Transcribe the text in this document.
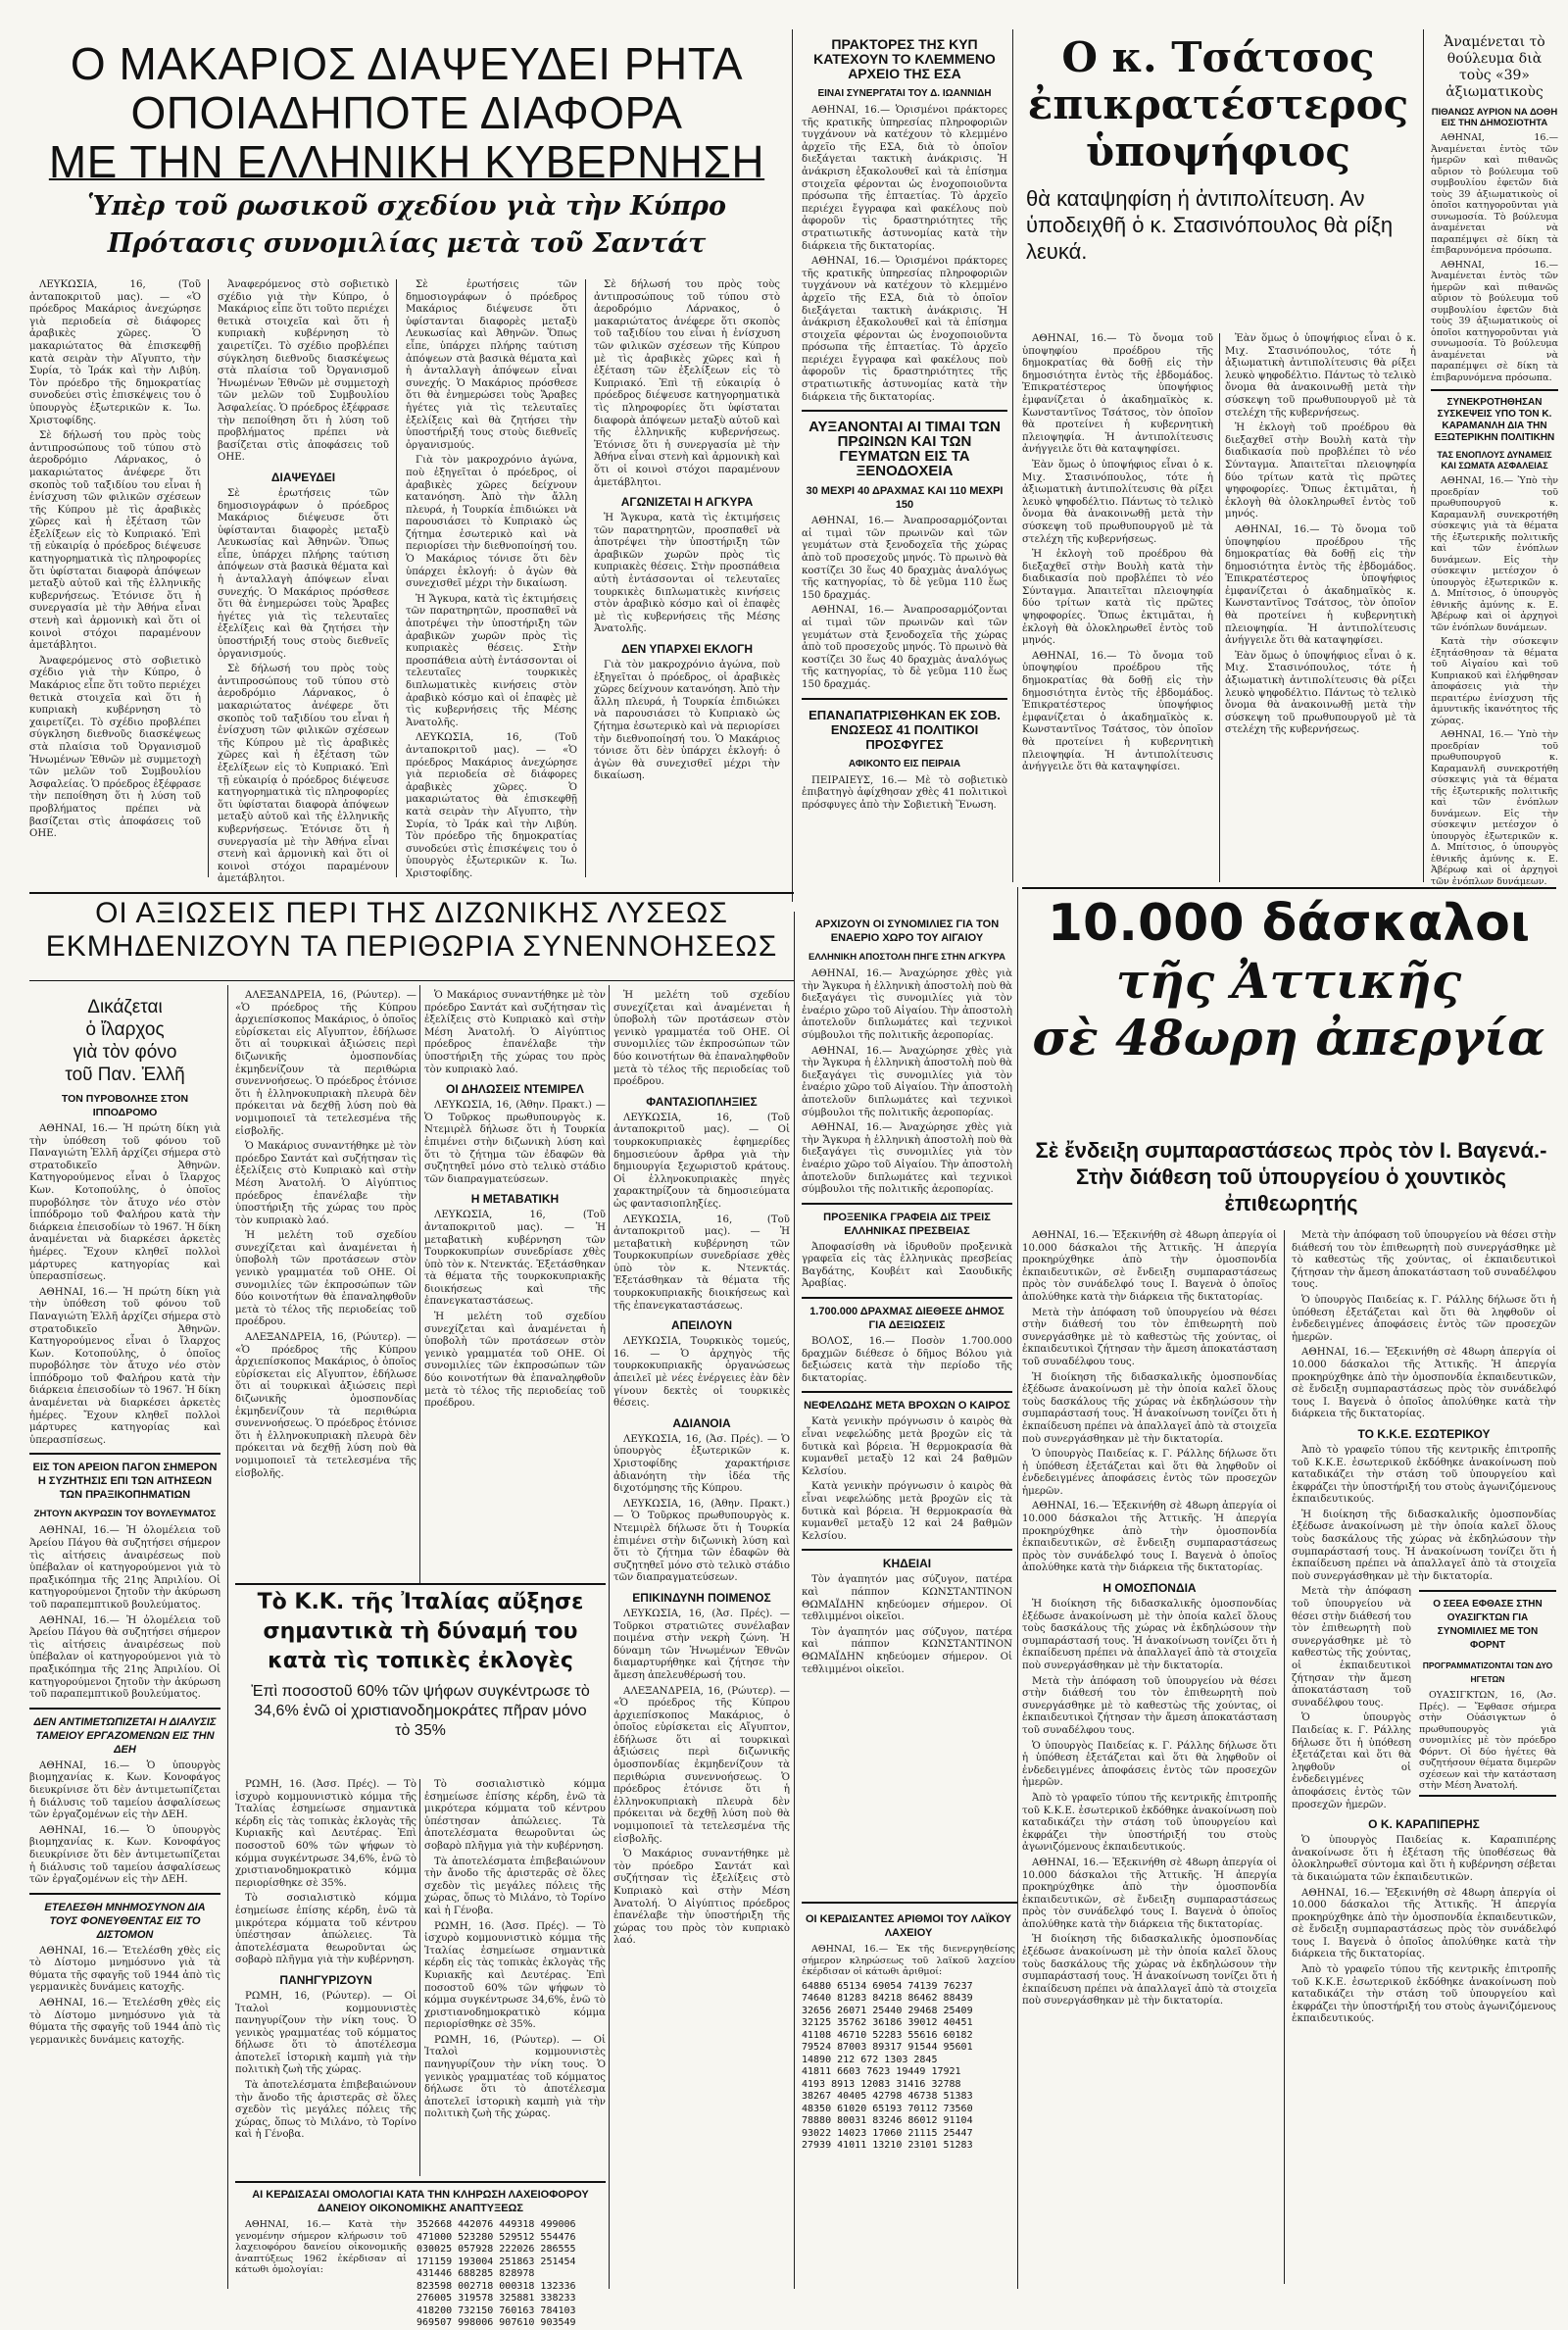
Ο ΜΑΚΑΡΙΟΣ ΔΙΑΨΕΥΔΕΙ ΡΗΤΑ
ΟΠΟΙΑΔΗΠΟΤΕ ΔΙΑΦΟΡΑ
ΜΕ ΤΗΝ ΕΛΛΗΝΙΚΗ ΚΥΒΕΡΝΗΣΗ

Ὑπὲρ τοῦ ρωσικοῦ σχεδίου γιὰ τὴν Κύπρο

Πρότασις συνομιλίας μετὰ τοῦ Σαντάτ

ΛΕΥΚΩΣΙΑ, 16, (Τοῦ ἀνταποκριτοῦ μας). — «Ὁ πρόεδρος Μακάριος ἀνεχώρησε γιὰ περιοδεία σὲ διάφορες ἀραβικὲς χῶρες. Ὁ μακαριώτατος θὰ ἐπισκεφθῇ κατὰ σειρὰν τὴν Αἴγυπτο, τὴν Συρία, τὸ Ἰράκ καὶ τὴν Λιβύη. Τὸν πρόεδρο τῆς δημοκρατίας συνοδεύει στὶς ἐπισκέψεις του ὁ ὑπουργὸς ἐξωτερικῶν κ. Ἰω. Χριστοφίδης.

Σὲ δήλωσή του πρὸς τοὺς ἀντιπροσώπους τοῦ τύπου στὸ ἀεροδρόμιο Λάρνακος, ὁ μακαριώτατος ἀνέφερε ὅτι σκοπὸς τοῦ ταξιδίου του εἶναι ἡ ἐνίσχυση τῶν φιλικῶν σχέσεων τῆς Κύπρου μὲ τὶς ἀραβικὲς χῶρες καὶ ἡ ἐξέταση τῶν ἐξελίξεων εἰς τὸ Κυπριακό. Ἐπὶ τῇ εὐκαιρίᾳ ὁ πρόεδρος διέψευσε κατηγορηματικὰ τὶς πληροφορίες ὅτι ὑφίσταται διαφορὰ ἀπόψεων μεταξὺ αὐτοῦ καὶ τῆς ἑλληνικῆς κυβερνήσεως. Ἐτόνισε ὅτι ἡ συνεργασία μὲ τὴν Ἀθήνα εἶναι στενὴ καὶ ἀρμονικὴ καὶ ὅτι οἱ κοινοὶ στόχοι παραμένουν ἀμετάβλητοι.

Ἀναφερόμενος στὸ σοβιετικὸ σχέδιο γιὰ τὴν Κύπρο, ὁ Μακάριος εἶπε ὅτι τοῦτο περιέχει θετικὰ στοιχεῖα καὶ ὅτι ἡ κυπριακὴ κυβέρνηση τὸ χαιρετίζει. Τὸ σχέδιο προβλέπει σύγκληση διεθνοῦς διασκέψεως στὰ πλαίσια τοῦ Ὀργανισμοῦ Ἡνωμένων Ἐθνῶν μὲ συμμετοχὴ τῶν μελῶν τοῦ Συμβουλίου Ἀσφαλείας. Ὁ πρόεδρος ἐξέφρασε τὴν πεποίθηση ὅτι ἡ λύση τοῦ προβλήματος πρέπει νὰ βασίζεται στὶς ἀποφάσεις τοῦ ΟΗΕ.

Ἀναφερόμενος στὸ σοβιετικὸ σχέδιο γιὰ τὴν Κύπρο, ὁ Μακάριος εἶπε ὅτι τοῦτο περιέχει θετικὰ στοιχεῖα καὶ ὅτι ἡ κυπριακὴ κυβέρνηση τὸ χαιρετίζει. Τὸ σχέδιο προβλέπει σύγκληση διεθνοῦς διασκέψεως στὰ πλαίσια τοῦ Ὀργανισμοῦ Ἡνωμένων Ἐθνῶν μὲ συμμετοχὴ τῶν μελῶν τοῦ Συμβουλίου Ἀσφαλείας. Ὁ πρόεδρος ἐξέφρασε τὴν πεποίθηση ὅτι ἡ λύση τοῦ προβλήματος πρέπει νὰ βασίζεται στὶς ἀποφάσεις τοῦ ΟΗΕ.

ΔΙΑΨΕΥΔΕΙ

Σὲ ἐρωτήσεις τῶν δημοσιογράφων ὁ πρόεδρος Μακάριος διέψευσε ὅτι ὑφίστανται διαφορὲς μεταξὺ Λευκωσίας καὶ Ἀθηνῶν. Ὅπως εἶπε, ὑπάρχει πλήρης ταύτιση ἀπόψεων στὰ βασικὰ θέματα καὶ ἡ ἀνταλλαγὴ ἀπόψεων εἶναι συνεχής. Ὁ Μακάριος πρόσθεσε ὅτι θὰ ἐνημερώσει τοὺς Ἄραβες ἡγέτες γιὰ τὶς τελευταῖες ἐξελίξεις καὶ θὰ ζητήσει τὴν ὑποστήριξή τους στοὺς διεθνεῖς ὀργανισμούς.

Σὲ δήλωσή του πρὸς τοὺς ἀντιπροσώπους τοῦ τύπου στὸ ἀεροδρόμιο Λάρνακος, ὁ μακαριώτατος ἀνέφερε ὅτι σκοπὸς τοῦ ταξιδίου του εἶναι ἡ ἐνίσχυση τῶν φιλικῶν σχέσεων τῆς Κύπρου μὲ τὶς ἀραβικὲς χῶρες καὶ ἡ ἐξέταση τῶν ἐξελίξεων εἰς τὸ Κυπριακό. Ἐπὶ τῇ εὐκαιρίᾳ ὁ πρόεδρος διέψευσε κατηγορηματικὰ τὶς πληροφορίες ὅτι ὑφίσταται διαφορὰ ἀπόψεων μεταξὺ αὐτοῦ καὶ τῆς ἑλληνικῆς κυβερνήσεως. Ἐτόνισε ὅτι ἡ συνεργασία μὲ τὴν Ἀθήνα εἶναι στενὴ καὶ ἀρμονικὴ καὶ ὅτι οἱ κοινοὶ στόχοι παραμένουν ἀμετάβλητοι.

Σὲ ἐρωτήσεις τῶν δημοσιογράφων ὁ πρόεδρος Μακάριος διέψευσε ὅτι ὑφίστανται διαφορὲς μεταξὺ Λευκωσίας καὶ Ἀθηνῶν. Ὅπως εἶπε, ὑπάρχει πλήρης ταύτιση ἀπόψεων στὰ βασικὰ θέματα καὶ ἡ ἀνταλλαγὴ ἀπόψεων εἶναι συνεχής. Ὁ Μακάριος πρόσθεσε ὅτι θὰ ἐνημερώσει τοὺς Ἄραβες ἡγέτες γιὰ τὶς τελευταῖες ἐξελίξεις καὶ θὰ ζητήσει τὴν ὑποστήριξή τους στοὺς διεθνεῖς ὀργανισμούς.

Γιὰ τὸν μακροχρόνιο ἀγώνα, ποὺ ἐξηγεῖται ὁ πρόεδρος, οἱ ἀραβικὲς χῶρες δείχνουν κατανόηση. Ἀπὸ τὴν ἄλλη πλευρά, ἡ Τουρκία ἐπιδιώκει νὰ παρουσιάσει τὸ Κυπριακὸ ὡς ζήτημα ἐσωτερικὸ καὶ νὰ περιορίσει τὴν διεθνοποίησή του. Ὁ Μακάριος τόνισε ὅτι δὲν ὑπάρχει ἐκλογή: ὁ ἀγὼν θὰ συνεχισθεῖ μέχρι τὴν δικαίωση.

Ἡ Ἄγκυρα, κατὰ τὶς ἐκτιμήσεις τῶν παρατηρητῶν, προσπαθεῖ νὰ ἀποτρέψει τὴν ὑποστήριξη τῶν ἀραβικῶν χωρῶν πρὸς τὶς κυπριακὲς θέσεις. Στὴν προσπάθεια αὐτὴ ἐντάσσονται οἱ τελευταῖες τουρκικὲς διπλωματικὲς κινήσεις στὸν ἀραβικὸ κόσμο καὶ οἱ ἐπαφὲς μὲ τὶς κυβερνήσεις τῆς Μέσης Ἀνατολῆς.

ΛΕΥΚΩΣΙΑ, 16, (Τοῦ ἀνταποκριτοῦ μας). — «Ὁ πρόεδρος Μακάριος ἀνεχώρησε γιὰ περιοδεία σὲ διάφορες ἀραβικὲς χῶρες. Ὁ μακαριώτατος θὰ ἐπισκεφθῇ κατὰ σειρὰν τὴν Αἴγυπτο, τὴν Συρία, τὸ Ἰράκ καὶ τὴν Λιβύη. Τὸν πρόεδρο τῆς δημοκρατίας συνοδεύει στὶς ἐπισκέψεις του ὁ ὑπουργὸς ἐξωτερικῶν κ. Ἰω. Χριστοφίδης.

Σὲ δήλωσή του πρὸς τοὺς ἀντιπροσώπους τοῦ τύπου στὸ ἀεροδρόμιο Λάρνακος, ὁ μακαριώτατος ἀνέφερε ὅτι σκοπὸς τοῦ ταξιδίου του εἶναι ἡ ἐνίσχυση τῶν φιλικῶν σχέσεων τῆς Κύπρου μὲ τὶς ἀραβικὲς χῶρες καὶ ἡ ἐξέταση τῶν ἐξελίξεων εἰς τὸ Κυπριακό. Ἐπὶ τῇ εὐκαιρίᾳ ὁ πρόεδρος διέψευσε κατηγορηματικὰ τὶς πληροφορίες ὅτι ὑφίσταται διαφορὰ ἀπόψεων μεταξὺ αὐτοῦ καὶ τῆς ἑλληνικῆς κυβερνήσεως. Ἐτόνισε ὅτι ἡ συνεργασία μὲ τὴν Ἀθήνα εἶναι στενὴ καὶ ἀρμονικὴ καὶ ὅτι οἱ κοινοὶ στόχοι παραμένουν ἀμετάβλητοι.

ΑΓΩΝΙΖΕΤΑΙ Η ΑΓΚΥΡΑ

Ἡ Ἄγκυρα, κατὰ τὶς ἐκτιμήσεις τῶν παρατηρητῶν, προσπαθεῖ νὰ ἀποτρέψει τὴν ὑποστήριξη τῶν ἀραβικῶν χωρῶν πρὸς τὶς κυπριακὲς θέσεις. Στὴν προσπάθεια αὐτὴ ἐντάσσονται οἱ τελευταῖες τουρκικὲς διπλωματικὲς κινήσεις στὸν ἀραβικὸ κόσμο καὶ οἱ ἐπαφὲς μὲ τὶς κυβερνήσεις τῆς Μέσης Ἀνατολῆς.

ΔΕΝ ΥΠΑΡΧΕΙ ΕΚΛΟΓΗ

Γιὰ τὸν μακροχρόνιο ἀγώνα, ποὺ ἐξηγεῖται ὁ πρόεδρος, οἱ ἀραβικὲς χῶρες δείχνουν κατανόηση. Ἀπὸ τὴν ἄλλη πλευρά, ἡ Τουρκία ἐπιδιώκει νὰ παρουσιάσει τὸ Κυπριακὸ ὡς ζήτημα ἐσωτερικὸ καὶ νὰ περιορίσει τὴν διεθνοποίησή του. Ὁ Μακάριος τόνισε ὅτι δὲν ὑπάρχει ἐκλογή: ὁ ἀγὼν θὰ συνεχισθεῖ μέχρι τὴν δικαίωση.

ΠΡΑΚΤΟΡΕΣ ΤΗΣ ΚΥΠ ΚΑΤΕΧΟΥΝ ΤΟ ΚΛΕΜΜΕΝΟ ΑΡΧΕΙΟ ΤΗΣ ΕΣΑ

ΕΙΝΑΙ ΣΥΝΕΡΓΑΤΑΙ ΤΟΥ Δ. ΙΩΑΝΝΙΔΗ

ΑΘΗΝΑΙ, 16.— Ὁρισμένοι πράκτορες τῆς κρατικῆς ὑπηρεσίας πληροφοριῶν τυγχάνουν νὰ κατέχουν τὸ κλεμμένο ἀρχεῖο τῆς ΕΣΑ, διὰ τὸ ὁποῖον διεξάγεται τακτικὴ ἀνάκρισις. Ἡ ἀνάκριση ἐξακολουθεῖ καὶ τὰ ἐπίσημα στοιχεῖα φέρονται ὡς ἐνοχοποιοῦντα πρόσωπα τῆς ἐπταετίας. Τὸ ἀρχεῖο περιέχει ἔγγραφα καὶ φακέλους ποὺ ἀφοροῦν τὶς δραστηριότητες τῆς στρατιωτικῆς ἀστυνομίας κατὰ τὴν διάρκεια τῆς δικτατορίας.

ΑΘΗΝΑΙ, 16.— Ὁρισμένοι πράκτορες τῆς κρατικῆς ὑπηρεσίας πληροφοριῶν τυγχάνουν νὰ κατέχουν τὸ κλεμμένο ἀρχεῖο τῆς ΕΣΑ, διὰ τὸ ὁποῖον διεξάγεται τακτικὴ ἀνάκρισις. Ἡ ἀνάκριση ἐξακολουθεῖ καὶ τὰ ἐπίσημα στοιχεῖα φέρονται ὡς ἐνοχοποιοῦντα πρόσωπα τῆς ἐπταετίας. Τὸ ἀρχεῖο περιέχει ἔγγραφα καὶ φακέλους ποὺ ἀφοροῦν τὶς δραστηριότητες τῆς στρατιωτικῆς ἀστυνομίας κατὰ τὴν διάρκεια τῆς δικτατορίας.

ΑΥΞΑΝΟΝΤΑΙ ΑΙ ΤΙΜΑΙ ΤΩΝ ΠΡΩΙΝΩΝ ΚΑΙ ΤΩΝ ΓΕΥΜΑΤΩΝ ΕΙΣ ΤΑ ΞΕΝΟΔΟΧΕΙΑ

30 ΜΕΧΡΙ 40 ΔΡΑΧΜΑΣ ΚΑΙ 110 ΜΕΧΡΙ 150

ΑΘΗΝΑΙ, 16.— Ἀναπροσαρμόζονται αἱ τιμαὶ τῶν πρωινῶν καὶ τῶν γευμάτων στὰ ξενοδοχεῖα τῆς χώρας ἀπὸ τοῦ προσεχοῦς μηνός. Τὸ πρωινὸ θὰ κοστίζει 30 ἕως 40 δραχμὰς ἀναλόγως τῆς κατηγορίας, τὸ δὲ γεῦμα 110 ἕως 150 δραχμάς.

ΑΘΗΝΑΙ, 16.— Ἀναπροσαρμόζονται αἱ τιμαὶ τῶν πρωινῶν καὶ τῶν γευμάτων στὰ ξενοδοχεῖα τῆς χώρας ἀπὸ τοῦ προσεχοῦς μηνός. Τὸ πρωινὸ θὰ κοστίζει 30 ἕως 40 δραχμὰς ἀναλόγως τῆς κατηγορίας, τὸ δὲ γεῦμα 110 ἕως 150 δραχμάς.

ΕΠΑΝΑΠΑΤΡΙΣΘΗΚΑΝ ΕΚ ΣΟΒ. ΕΝΩΣΕΩΣ 41 ΠΟΛΙΤΙΚΟΙ ΠΡΟΣΦΥΓΕΣ

ΑΦΙΚΟΝΤΟ ΕΙΣ ΠΕΙΡΑΙΑ

ΠΕΙΡΑΙΕΥΣ, 16.— Μὲ τὸ σοβιετικὸ ἐπιβατηγὸ ἀφίχθησαν χθὲς 41 πολιτικοὶ πρόσφυγες ἀπὸ τὴν Σοβιετικὴ Ἕνωση.

Ο κ. Τσάτσος

ἐπικρατέστερος

ὑποψήφιος

θὰ καταψηφίση ἡ ἀντιπολίτευση. Αν ὑποδειχθῆ ὁ κ. Στασινόπουλος θὰ ρίξη λευκά.

ΑΘΗΝΑΙ, 16.— Τὸ ὄνομα τοῦ ὑποψηφίου προέδρου τῆς δημοκρατίας θὰ δοθῇ εἰς τὴν δημοσιότητα ἐντὸς τῆς ἑβδομάδος. Ἐπικρατέστερος ὑποψήφιος ἐμφανίζεται ὁ ἀκαδημαϊκὸς κ. Κωνσταντῖνος Τσάτσος, τὸν ὁποῖον θὰ προτείνει ἡ κυβερνητικὴ πλειοψηφία. Ἡ ἀντιπολίτευσις ἀνήγγειλε ὅτι θὰ καταψηφίσει.

Ἐὰν ὅμως ὁ ὑποψήφιος εἶναι ὁ κ. Μιχ. Στασινόπουλος, τότε ἡ ἀξιωματικὴ ἀντιπολίτευσις θὰ ρίξει λευκὸ ψηφοδέλτιο. Πάντως τὸ τελικὸ ὄνομα θὰ ἀνακοινωθῇ μετὰ τὴν σύσκεψη τοῦ πρωθυπουργοῦ μὲ τὰ στελέχη τῆς κυβερνήσεως.

Ἡ ἐκλογὴ τοῦ προέδρου θὰ διεξαχθεῖ στὴν Βουλὴ κατὰ τὴν διαδικασία ποὺ προβλέπει τὸ νέο Σύνταγμα. Ἀπαιτεῖται πλειοψηφία δύο τρίτων κατὰ τὶς πρῶτες ψηφοφορίες. Ὅπως ἐκτιμᾶται, ἡ ἐκλογὴ θὰ ὁλοκληρωθεῖ ἐντὸς τοῦ μηνός.

ΑΘΗΝΑΙ, 16.— Τὸ ὄνομα τοῦ ὑποψηφίου προέδρου τῆς δημοκρατίας θὰ δοθῇ εἰς τὴν δημοσιότητα ἐντὸς τῆς ἑβδομάδος. Ἐπικρατέστερος ὑποψήφιος ἐμφανίζεται ὁ ἀκαδημαϊκὸς κ. Κωνσταντῖνος Τσάτσος, τὸν ὁποῖον θὰ προτείνει ἡ κυβερνητικὴ πλειοψηφία. Ἡ ἀντιπολίτευσις ἀνήγγειλε ὅτι θὰ καταψηφίσει.

Ἐὰν ὅμως ὁ ὑποψήφιος εἶναι ὁ κ. Μιχ. Στασινόπουλος, τότε ἡ ἀξιωματικὴ ἀντιπολίτευσις θὰ ρίξει λευκὸ ψηφοδέλτιο. Πάντως τὸ τελικὸ ὄνομα θὰ ἀνακοινωθῇ μετὰ τὴν σύσκεψη τοῦ πρωθυπουργοῦ μὲ τὰ στελέχη τῆς κυβερνήσεως.

Ἡ ἐκλογὴ τοῦ προέδρου θὰ διεξαχθεῖ στὴν Βουλὴ κατὰ τὴν διαδικασία ποὺ προβλέπει τὸ νέο Σύνταγμα. Ἀπαιτεῖται πλειοψηφία δύο τρίτων κατὰ τὶς πρῶτες ψηφοφορίες. Ὅπως ἐκτιμᾶται, ἡ ἐκλογὴ θὰ ὁλοκληρωθεῖ ἐντὸς τοῦ μηνός.

ΑΘΗΝΑΙ, 16.— Τὸ ὄνομα τοῦ ὑποψηφίου προέδρου τῆς δημοκρατίας θὰ δοθῇ εἰς τὴν δημοσιότητα ἐντὸς τῆς ἑβδομάδος. Ἐπικρατέστερος ὑποψήφιος ἐμφανίζεται ὁ ἀκαδημαϊκὸς κ. Κωνσταντῖνος Τσάτσος, τὸν ὁποῖον θὰ προτείνει ἡ κυβερνητικὴ πλειοψηφία. Ἡ ἀντιπολίτευσις ἀνήγγειλε ὅτι θὰ καταψηφίσει.

Ἐὰν ὅμως ὁ ὑποψήφιος εἶναι ὁ κ. Μιχ. Στασινόπουλος, τότε ἡ ἀξιωματικὴ ἀντιπολίτευσις θὰ ρίξει λευκὸ ψηφοδέλτιο. Πάντως τὸ τελικὸ ὄνομα θὰ ἀνακοινωθῇ μετὰ τὴν σύσκεψη τοῦ πρωθυπουργοῦ μὲ τὰ στελέχη τῆς κυβερνήσεως.

Ἀναμένεται τὸ θούλευμα διὰ τοὺς «39» ἀξιωματικοὺς

ΠΙΘΑΝΩΣ ΑΥΡΙΟΝ ΝΑ ΔΟΘΗ ΕΙΣ ΤΗΝ ΔΗΜΟΣΙΟΤΗΤΑ

ΑΘΗΝΑΙ, 16.— Ἀναμένεται ἐντὸς τῶν ἡμερῶν καὶ πιθανῶς αὔριον τὸ βούλευμα τοῦ συμβουλίου ἐφετῶν διὰ τοὺς 39 ἀξιωματικοὺς οἱ ὁποῖοι κατηγοροῦνται γιὰ συνωμοσία. Τὸ βούλευμα ἀναμένεται νὰ παραπέμψει σὲ δίκη τὰ ἐπιβαρυνόμενα πρόσωπα.

ΑΘΗΝΑΙ, 16.— Ἀναμένεται ἐντὸς τῶν ἡμερῶν καὶ πιθανῶς αὔριον τὸ βούλευμα τοῦ συμβουλίου ἐφετῶν διὰ τοὺς 39 ἀξιωματικοὺς οἱ ὁποῖοι κατηγοροῦνται γιὰ συνωμοσία. Τὸ βούλευμα ἀναμένεται νὰ παραπέμψει σὲ δίκη τὰ ἐπιβαρυνόμενα πρόσωπα.

ΣΥΝΕΚΡΟΤΗΘΗΣΑΝ ΣΥΣΚΕΨΕΙΣ ΥΠΟ ΤΟΝ Κ. ΚΑΡΑΜΑΝΛΗ ΔΙΑ ΤΗΝ ΕΞΩΤΕΡΙΚΗΝ ΠΟΛΙΤΙΚΗΝ

ΤΑΣ ΕΝΟΠΛΟΥΣ ΔΥΝΑΜΕΙΣ ΚΑΙ ΣΩΜΑΤΑ ΑΣΦΑΛΕΙΑΣ

ΑΘΗΝΑΙ, 16.— Ὑπὸ τὴν προεδρίαν τοῦ πρωθυπουργοῦ κ. Καραμανλῆ συνεκροτήθη σύσκεψις γιὰ τὰ θέματα τῆς ἐξωτερικῆς πολιτικῆς καὶ τῶν ἐνόπλων δυνάμεων. Εἰς τὴν σύσκεψιν μετέσχον ὁ ὑπουργὸς ἐξωτερικῶν κ. Δ. Μπίτσιος, ὁ ὑπουργὸς ἐθνικῆς ἀμύνης κ. Ε. Ἀβέρωφ καὶ οἱ ἀρχηγοὶ τῶν ἐνόπλων δυνάμεων.

Κατὰ τὴν σύσκεψιν ἐξητάσθησαν τὰ θέματα τοῦ Αἰγαίου καὶ τοῦ Κυπριακοῦ καὶ ἐλήφθησαν ἀποφάσεις γιὰ τὴν περαιτέρω ἐνίσχυση τῆς ἀμυντικῆς ἱκανότητος τῆς χώρας.

ΑΘΗΝΑΙ, 16.— Ὑπὸ τὴν προεδρίαν τοῦ πρωθυπουργοῦ κ. Καραμανλῆ συνεκροτήθη σύσκεψις γιὰ τὰ θέματα τῆς ἐξωτερικῆς πολιτικῆς καὶ τῶν ἐνόπλων δυνάμεων. Εἰς τὴν σύσκεψιν μετέσχον ὁ ὑπουργὸς ἐξωτερικῶν κ. Δ. Μπίτσιος, ὁ ὑπουργὸς ἐθνικῆς ἀμύνης κ. Ε. Ἀβέρωφ καὶ οἱ ἀρχηγοὶ τῶν ἐνόπλων δυνάμεων.

ΟΙ ΑΞΙΩΣΕΙΣ ΠΕΡΙ ΤΗΣ ΔΙΖΩΝΙΚΗΣ ΛΥΣΕΩΣ

ΕΚΜΗΔΕΝΙΖΟΥΝ ΤΑ ΠΕΡΙΘΩΡΙΑ ΣΥΝΕΝΝΟΗΣΕΩΣ	10.000 δάσκαλοι

τῆς Ἀττικῆς

σὲ 48ωρη ἀπεργία

Σὲ ἔνδειξη συμπαραστάσεως πρὸς τὸν Ι. Βαγενά.- Στὴν διάθεση τοῦ ὑπουργείου ὁ χουντικὸς ἐπιθεωρητής

ΑΘΗΝΑΙ, 16.— Ἐξεκινήθη σὲ 48ωρη ἀπεργία οἱ 10.000 δάσκαλοι τῆς Ἀττικῆς. Ἡ ἀπεργία προκηρύχθηκε ἀπὸ τὴν ὁμοσπονδία ἐκπαιδευτικῶν, σὲ ἔνδειξη συμπαραστάσεως πρὸς τὸν συνάδελφό τους Ι. Βαγενὰ ὁ ὁποῖος ἀπολύθηκε κατὰ τὴν διάρκεια τῆς δικτατορίας.

Μετὰ τὴν ἀπόφαση τοῦ ὑπουργείου νὰ θέσει στὴν διάθεσή του τὸν ἐπιθεωρητὴ ποὺ συνεργάσθηκε μὲ τὸ καθεστὼς τῆς χούντας, οἱ ἐκπαιδευτικοὶ ζήτησαν τὴν ἄμεση ἀποκατάσταση τοῦ συναδέλφου τους.

Ἡ διοίκηση τῆς διδασκαλικῆς ὁμοσπονδίας ἐξέδωσε ἀνακοίνωση μὲ τὴν ὁποία καλεῖ ὅλους τοὺς δασκάλους τῆς χώρας νὰ ἐκδηλώσουν τὴν συμπαράστασή τους. Ἡ ἀνακοίνωση τονίζει ὅτι ἡ ἐκπαίδευση πρέπει νὰ ἀπαλλαγεῖ ἀπὸ τὰ στοιχεῖα ποὺ συνεργάσθηκαν μὲ τὴν δικτατορία.

Ὁ ὑπουργὸς Παιδείας κ. Γ. Ράλλης δήλωσε ὅτι ἡ ὑπόθεση ἐξετάζεται καὶ ὅτι θὰ ληφθοῦν οἱ ἐνδεδειγμένες ἀποφάσεις ἐντὸς τῶν προσεχῶν ἡμερῶν.

ΑΘΗΝΑΙ, 16.— Ἐξεκινήθη σὲ 48ωρη ἀπεργία οἱ 10.000 δάσκαλοι τῆς Ἀττικῆς. Ἡ ἀπεργία προκηρύχθηκε ἀπὸ τὴν ὁμοσπονδία ἐκπαιδευτικῶν, σὲ ἔνδειξη συμπαραστάσεως πρὸς τὸν συνάδελφό τους Ι. Βαγενὰ ὁ ὁποῖος ἀπολύθηκε κατὰ τὴν διάρκεια τῆς δικτατορίας.

Η ΟΜΟΣΠΟΝΔΙΑ

Ἡ διοίκηση τῆς διδασκαλικῆς ὁμοσπονδίας ἐξέδωσε ἀνακοίνωση μὲ τὴν ὁποία καλεῖ ὅλους τοὺς δασκάλους τῆς χώρας νὰ ἐκδηλώσουν τὴν συμπαράστασή τους. Ἡ ἀνακοίνωση τονίζει ὅτι ἡ ἐκπαίδευση πρέπει νὰ ἀπαλλαγεῖ ἀπὸ τὰ στοιχεῖα ποὺ συνεργάσθηκαν μὲ τὴν δικτατορία.

Μετὰ τὴν ἀπόφαση τοῦ ὑπουργείου νὰ θέσει στὴν διάθεσή του τὸν ἐπιθεωρητὴ ποὺ συνεργάσθηκε μὲ τὸ καθεστὼς τῆς χούντας, οἱ ἐκπαιδευτικοὶ ζήτησαν τὴν ἄμεση ἀποκατάσταση τοῦ συναδέλφου τους.

Ὁ ὑπουργὸς Παιδείας κ. Γ. Ράλλης δήλωσε ὅτι ἡ ὑπόθεση ἐξετάζεται καὶ ὅτι θὰ ληφθοῦν οἱ ἐνδεδειγμένες ἀποφάσεις ἐντὸς τῶν προσεχῶν ἡμερῶν.

Ἀπὸ τὸ γραφεῖο τύπου τῆς κεντρικῆς ἐπιτροπῆς τοῦ Κ.Κ.Ε. ἐσωτερικοῦ ἐκδόθηκε ἀνακοίνωση ποὺ καταδικάζει τὴν στάση τοῦ ὑπουργείου καὶ ἐκφράζει τὴν ὑποστήριξή του στοὺς ἀγωνιζόμενους ἐκπαιδευτικούς.

ΑΘΗΝΑΙ, 16.— Ἐξεκινήθη σὲ 48ωρη ἀπεργία οἱ 10.000 δάσκαλοι τῆς Ἀττικῆς. Ἡ ἀπεργία προκηρύχθηκε ἀπὸ τὴν ὁμοσπονδία ἐκπαιδευτικῶν, σὲ ἔνδειξη συμπαραστάσεως πρὸς τὸν συνάδελφό τους Ι. Βαγενὰ ὁ ὁποῖος ἀπολύθηκε κατὰ τὴν διάρκεια τῆς δικτατορίας.

Ἡ διοίκηση τῆς διδασκαλικῆς ὁμοσπονδίας ἐξέδωσε ἀνακοίνωση μὲ τὴν ὁποία καλεῖ ὅλους τοὺς δασκάλους τῆς χώρας νὰ ἐκδηλώσουν τὴν συμπαράστασή τους. Ἡ ἀνακοίνωση τονίζει ὅτι ἡ ἐκπαίδευση πρέπει νὰ ἀπαλλαγεῖ ἀπὸ τὰ στοιχεῖα ποὺ συνεργάσθηκαν μὲ τὴν δικτατορία.

Μετὰ τὴν ἀπόφαση τοῦ ὑπουργείου νὰ θέσει στὴν διάθεσή του τὸν ἐπιθεωρητὴ ποὺ συνεργάσθηκε μὲ τὸ καθεστὼς τῆς χούντας, οἱ ἐκπαιδευτικοὶ ζήτησαν τὴν ἄμεση ἀποκατάσταση τοῦ συναδέλφου τους.

Ὁ ὑπουργὸς Παιδείας κ. Γ. Ράλλης δήλωσε ὅτι ἡ ὑπόθεση ἐξετάζεται καὶ ὅτι θὰ ληφθοῦν οἱ ἐνδεδειγμένες ἀποφάσεις ἐντὸς τῶν προσεχῶν ἡμερῶν.

ΑΘΗΝΑΙ, 16.— Ἐξεκινήθη σὲ 48ωρη ἀπεργία οἱ 10.000 δάσκαλοι τῆς Ἀττικῆς. Ἡ ἀπεργία προκηρύχθηκε ἀπὸ τὴν ὁμοσπονδία ἐκπαιδευτικῶν, σὲ ἔνδειξη συμπαραστάσεως πρὸς τὸν συνάδελφό τους Ι. Βαγενὰ ὁ ὁποῖος ἀπολύθηκε κατὰ τὴν διάρκεια τῆς δικτατορίας.

ΤΟ Κ.Κ.Ε. ΕΣΩΤΕΡΙΚΟΥ

Ἀπὸ τὸ γραφεῖο τύπου τῆς κεντρικῆς ἐπιτροπῆς τοῦ Κ.Κ.Ε. ἐσωτερικοῦ ἐκδόθηκε ἀνακοίνωση ποὺ καταδικάζει τὴν στάση τοῦ ὑπουργείου καὶ ἐκφράζει τὴν ὑποστήριξή του στοὺς ἀγωνιζόμενους ἐκπαιδευτικούς.

Ἡ διοίκηση τῆς διδασκαλικῆς ὁμοσπονδίας ἐξέδωσε ἀνακοίνωση μὲ τὴν ὁποία καλεῖ ὅλους τοὺς δασκάλους τῆς χώρας νὰ ἐκδηλώσουν τὴν συμπαράστασή τους. Ἡ ἀνακοίνωση τονίζει ὅτι ἡ ἐκπαίδευση πρέπει νὰ ἀπαλλαγεῖ ἀπὸ τὰ στοιχεῖα ποὺ συνεργάσθηκαν μὲ τὴν δικτατορία.

Ο ΣΕΕΑ ΕΦΘΑΣΕ ΣΤΗΝ ΟΥΑΣΙΓΚΤΩΝ ΓΙΑ ΣΥΝΟΜΙΛΙΕΣ ΜΕ ΤΟΝ ΦΟΡΝΤ

ΠΡΟΓΡΑΜΜΑΤΙΖΟΝΤΑΙ ΤΩΝ ΔΥΟ ΗΓΕΤΩΝ

ΟΥΑΣΙΓΚΤΩΝ, 16, (Ἀσ. Πρές). — Ἔφθασε σήμερα στὴν Οὐάσιγκτων ὁ πρωθυπουργὸς γιὰ συνομιλίες μὲ τὸν πρόεδρο Φόρντ. Οἱ δύο ἡγέτες θὰ συζητήσουν θέματα διμερῶν σχέσεων καὶ τὴν κατάσταση στὴν Μέση Ἀνατολή.

Μετὰ τὴν ἀπόφαση τοῦ ὑπουργείου νὰ θέσει στὴν διάθεσή του τὸν ἐπιθεωρητὴ ποὺ συνεργάσθηκε μὲ τὸ καθεστὼς τῆς χούντας, οἱ ἐκπαιδευτικοὶ ζήτησαν τὴν ἄμεση ἀποκατάσταση τοῦ συναδέλφου τους.

Ὁ ὑπουργὸς Παιδείας κ. Γ. Ράλλης δήλωσε ὅτι ἡ ὑπόθεση ἐξετάζεται καὶ ὅτι θὰ ληφθοῦν οἱ ἐνδεδειγμένες ἀποφάσεις ἐντὸς τῶν προσεχῶν ἡμερῶν.

Ο Κ. ΚΑΡΑΠΙΠΕΡΗΣ

Ὁ ὑπουργὸς Παιδείας κ. Καραπιπέρης ἀνακοίνωσε ὅτι ἡ ἐξέταση τῆς ὑποθέσεως θὰ ὁλοκληρωθεῖ σύντομα καὶ ὅτι ἡ κυβέρνηση σέβεται τὰ δικαιώματα τῶν ἐκπαιδευτικῶν.

ΑΘΗΝΑΙ, 16.— Ἐξεκινήθη σὲ 48ωρη ἀπεργία οἱ 10.000 δάσκαλοι τῆς Ἀττικῆς. Ἡ ἀπεργία προκηρύχθηκε ἀπὸ τὴν ὁμοσπονδία ἐκπαιδευτικῶν, σὲ ἔνδειξη συμπαραστάσεως πρὸς τὸν συνάδελφό τους Ι. Βαγενὰ ὁ ὁποῖος ἀπολύθηκε κατὰ τὴν διάρκεια τῆς δικτατορίας.

Ἀπὸ τὸ γραφεῖο τύπου τῆς κεντρικῆς ἐπιτροπῆς τοῦ Κ.Κ.Ε. ἐσωτερικοῦ ἐκδόθηκε ἀνακοίνωση ποὺ καταδικάζει τὴν στάση τοῦ ὑπουργείου καὶ ἐκφράζει τὴν ὑποστήριξή του στοὺς ἀγωνιζόμενους ἐκπαιδευτικούς.

Δικάζεται

ὁ ἴλαρχος

γιὰ τὸν φόνο

τοῦ Παν. Ἐλλῆ

ΤΟΝ ΠΥΡΟΒΟΛΗΣΕ ΣΤΟΝ ΙΠΠΟΔΡΟΜΟ

ΑΘΗΝΑΙ, 16.— Ἡ πρώτη δίκη γιὰ τὴν ὑπόθεση τοῦ φόνου τοῦ Παναγιώτη Ἐλλῆ ἀρχίζει σήμερα στὸ στρατοδικεῖο Ἀθηνῶν. Κατηγορούμενος εἶναι ὁ ἴλαρχος Κων. Κοτοπούλης, ὁ ὁποῖος πυροβόλησε τὸν ἄτυχο νέο στὸν ἱππόδρομο τοῦ Φαλήρου κατὰ τὴν διάρκεια ἐπεισοδίων τὸ 1967. Ἡ δίκη ἀναμένεται νὰ διαρκέσει ἀρκετὲς ἡμέρες. Ἔχουν κληθεῖ πολλοὶ μάρτυρες κατηγορίας καὶ ὑπερασπίσεως.

ΑΘΗΝΑΙ, 16.— Ἡ πρώτη δίκη γιὰ τὴν ὑπόθεση τοῦ φόνου τοῦ Παναγιώτη Ἐλλῆ ἀρχίζει σήμερα στὸ στρατοδικεῖο Ἀθηνῶν. Κατηγορούμενος εἶναι ὁ ἴλαρχος Κων. Κοτοπούλης, ὁ ὁποῖος πυροβόλησε τὸν ἄτυχο νέο στὸν ἱππόδρομο τοῦ Φαλήρου κατὰ τὴν διάρκεια ἐπεισοδίων τὸ 1967. Ἡ δίκη ἀναμένεται νὰ διαρκέσει ἀρκετὲς ἡμέρες. Ἔχουν κληθεῖ πολλοὶ μάρτυρες κατηγορίας καὶ ὑπερασπίσεως.

ΕΙΣ ΤΟΝ ΑΡΕΙΟΝ ΠΑΓΟΝ ΣΗΜΕΡΟΝ Η ΣΥΖΗΤΗΣΙΣ ΕΠΙ ΤΩΝ ΑΙΤΗΣΕΩΝ ΤΩΝ ΠΡΑΞΙΚΟΠΗΜΑΤΙΩΝ

ΖΗΤΟΥΝ ΑΚΥΡΩΣΙΝ ΤΟΥ ΒΟΥΛΕΥΜΑΤΟΣ

ΑΘΗΝΑΙ, 16.— Ἡ ὁλομέλεια τοῦ Ἀρείου Πάγου θὰ συζητήσει σήμερον τὶς αἰτήσεις ἀναιρέσεως ποὺ ὑπέβαλαν οἱ κατηγορούμενοι γιὰ τὸ πραξικόπημα τῆς 21ης Ἀπριλίου. Οἱ κατηγορούμενοι ζητοῦν τὴν ἀκύρωση τοῦ παραπεμπτικοῦ βουλεύματος.

ΑΘΗΝΑΙ, 16.— Ἡ ὁλομέλεια τοῦ Ἀρείου Πάγου θὰ συζητήσει σήμερον τὶς αἰτήσεις ἀναιρέσεως ποὺ ὑπέβαλαν οἱ κατηγορούμενοι γιὰ τὸ πραξικόπημα τῆς 21ης Ἀπριλίου. Οἱ κατηγορούμενοι ζητοῦν τὴν ἀκύρωση τοῦ παραπεμπτικοῦ βουλεύματος.

ΔΕΝ ΑΝΤΙΜΕΤΩΠΙΖΕΤΑΙ Η ΔΙΑΛΥΣΙΣ ΤΑΜΕΙΟΥ ΕΡΓΑΖΟΜΕΝΩΝ ΕΙΣ ΤΗΝ ΔΕΗ

ΑΘΗΝΑΙ, 16.— Ὁ ὑπουργὸς βιομηχανίας κ. Κων. Κονοφάγος διευκρίνισε ὅτι δὲν ἀντιμετωπίζεται ἡ διάλυσις τοῦ ταμείου ἀσφαλίσεως τῶν ἐργαζομένων εἰς τὴν ΔΕΗ.

ΑΘΗΝΑΙ, 16.— Ὁ ὑπουργὸς βιομηχανίας κ. Κων. Κονοφάγος διευκρίνισε ὅτι δὲν ἀντιμετωπίζεται ἡ διάλυσις τοῦ ταμείου ἀσφαλίσεως τῶν ἐργαζομένων εἰς τὴν ΔΕΗ.

ΕΤΕΛΕΣΘΗ ΜΝΗΜΟΣΥΝΟΝ ΔΙΑ ΤΟΥΣ ΦΟΝΕΥΘΕΝΤΑΣ ΕΙΣ ΤΟ ΔΙΣΤΟΜΟΝ

ΑΘΗΝΑΙ, 16.— Ἐτελέσθη χθὲς εἰς τὸ Δίστομο μνημόσυνο γιὰ τὰ θύματα τῆς σφαγῆς τοῦ 1944 ἀπὸ τὶς γερμανικὲς δυνάμεις κατοχῆς.

ΑΘΗΝΑΙ, 16.— Ἐτελέσθη χθὲς εἰς τὸ Δίστομο μνημόσυνο γιὰ τὰ θύματα τῆς σφαγῆς τοῦ 1944 ἀπὸ τὶς γερμανικὲς δυνάμεις κατοχῆς.

ΑΛΕΞΑΝΔΡΕΙΑ, 16, (Ρώυτερ). — «Ὁ πρόεδρος τῆς Κύπρου ἀρχιεπίσκοπος Μακάριος, ὁ ὁποῖος εὑρίσκεται εἰς Αἴγυπτον, ἐδήλωσε ὅτι αἱ τουρκικαὶ ἀξιώσεις περὶ διζωνικῆς ὁμοσπονδίας ἐκμηδενίζουν τὰ περιθώρια συνεννοήσεως. Ὁ πρόεδρος ἐτόνισε ὅτι ἡ ἑλληνοκυπριακὴ πλευρὰ δὲν πρόκειται νὰ δεχθῇ λύση ποὺ θὰ νομιμοποιεῖ τὰ τετελεσμένα τῆς εἰσβολῆς.

Ὁ Μακάριος συναντήθηκε μὲ τὸν πρόεδρο Σαντάτ καὶ συζήτησαν τὶς ἐξελίξεις στὸ Κυπριακὸ καὶ στὴν Μέση Ἀνατολή. Ὁ Αἰγύπτιος πρόεδρος ἐπανέλαβε τὴν ὑποστήριξη τῆς χώρας του πρὸς τὸν κυπριακὸ λαό.

Ἡ μελέτη τοῦ σχεδίου συνεχίζεται καὶ ἀναμένεται ἡ ὑποβολὴ τῶν προτάσεων στὸν γενικὸ γραμματέα τοῦ ΟΗΕ. Οἱ συνομιλίες τῶν ἐκπροσώπων τῶν δύο κοινοτήτων θὰ ἐπαναληφθοῦν μετὰ τὸ τέλος τῆς περιοδείας τοῦ προέδρου.

ΑΛΕΞΑΝΔΡΕΙΑ, 16, (Ρώυτερ). — «Ὁ πρόεδρος τῆς Κύπρου ἀρχιεπίσκοπος Μακάριος, ὁ ὁποῖος εὑρίσκεται εἰς Αἴγυπτον, ἐδήλωσε ὅτι αἱ τουρκικαὶ ἀξιώσεις περὶ διζωνικῆς ὁμοσπονδίας ἐκμηδενίζουν τὰ περιθώρια συνεννοήσεως. Ὁ πρόεδρος ἐτόνισε ὅτι ἡ ἑλληνοκυπριακὴ πλευρὰ δὲν πρόκειται νὰ δεχθῇ λύση ποὺ θὰ νομιμοποιεῖ τὰ τετελεσμένα τῆς εἰσβολῆς.

Ὁ Μακάριος συναντήθηκε μὲ τὸν πρόεδρο Σαντάτ καὶ συζήτησαν τὶς ἐξελίξεις στὸ Κυπριακὸ καὶ στὴν Μέση Ἀνατολή. Ὁ Αἰγύπτιος πρόεδρος ἐπανέλαβε τὴν ὑποστήριξη τῆς χώρας του πρὸς τὸν κυπριακὸ λαό.

ΟΙ ΔΗΛΩΣΕΙΣ ΝΤΕΜΙΡΕΛ

ΛΕΥΚΩΣΙΑ, 16, (Ἀθην. Πρακτ.) — Ὁ Τοῦρκος πρωθυπουργὸς κ. Ντεμιρὲλ δήλωσε ὅτι ἡ Τουρκία ἐπιμένει στὴν διζωνικὴ λύση καὶ ὅτι τὸ ζήτημα τῶν ἐδαφῶν θὰ συζητηθεῖ μόνο στὸ τελικὸ στάδιο τῶν διαπραγματεύσεων.

Η ΜΕΤΑΒΑΤΙΚΗ

ΛΕΥΚΩΣΙΑ, 16, (Τοῦ ἀνταποκριτοῦ μας). — Ἡ μεταβατικὴ κυβέρνηση τῶν Τουρκοκυπρίων συνεδρίασε χθὲς ὑπὸ τὸν κ. Ντενκτάς. Ἐξετάσθηκαν τὰ θέματα τῆς τουρκοκυπριακῆς διοικήσεως καὶ τῆς ἐπανεγκαταστάσεως.

Ἡ μελέτη τοῦ σχεδίου συνεχίζεται καὶ ἀναμένεται ἡ ὑποβολὴ τῶν προτάσεων στὸν γενικὸ γραμματέα τοῦ ΟΗΕ. Οἱ συνομιλίες τῶν ἐκπροσώπων τῶν δύο κοινοτήτων θὰ ἐπαναληφθοῦν μετὰ τὸ τέλος τῆς περιοδείας τοῦ προέδρου.

Ἡ μελέτη τοῦ σχεδίου συνεχίζεται καὶ ἀναμένεται ἡ ὑποβολὴ τῶν προτάσεων στὸν γενικὸ γραμματέα τοῦ ΟΗΕ. Οἱ συνομιλίες τῶν ἐκπροσώπων τῶν δύο κοινοτήτων θὰ ἐπαναληφθοῦν μετὰ τὸ τέλος τῆς περιοδείας τοῦ προέδρου.

ΦΑΝΤΑΣΙΟΠΛΗΞΙΕΣ

ΛΕΥΚΩΣΙΑ, 16, (Τοῦ ἀνταποκριτοῦ μας). — Οἱ τουρκοκυπριακὲς ἐφημερίδες δημοσιεύουν ἄρθρα γιὰ τὴν δημιουργία ξεχωριστοῦ κράτους. Οἱ ἑλληνοκυπριακὲς πηγὲς χαρακτηρίζουν τὰ δημοσιεύματα ὡς φαντασιοπληξίες.

ΛΕΥΚΩΣΙΑ, 16, (Τοῦ ἀνταποκριτοῦ μας). — Ἡ μεταβατικὴ κυβέρνηση τῶν Τουρκοκυπρίων συνεδρίασε χθὲς ὑπὸ τὸν κ. Ντενκτάς. Ἐξετάσθηκαν τὰ θέματα τῆς τουρκοκυπριακῆς διοικήσεως καὶ τῆς ἐπανεγκαταστάσεως.

ΑΠΕΙΛΟΥΝ

ΛΕΥΚΩΣΙΑ, Τουρκικὸς τομεύς, 16. — Ὁ ἀρχηγὸς τῆς τουρκοκυπριακῆς ὀργανώσεως ἀπειλεῖ μὲ νέες ἐνέργειες ἐὰν δὲν γίνουν δεκτὲς οἱ τουρκικὲς θέσεις.

ΑΔΙΑΝΟΙΑ

ΛΕΥΚΩΣΙΑ, 16, (Ἀσ. Πρές). — Ὁ ὑπουργὸς ἐξωτερικῶν κ. Χριστοφίδης χαρακτήρισε ἀδιανόητη τὴν ἰδέα τῆς διχοτόμησης τῆς Κύπρου.

ΛΕΥΚΩΣΙΑ, 16, (Ἀθην. Πρακτ.) — Ὁ Τοῦρκος πρωθυπουργὸς κ. Ντεμιρὲλ δήλωσε ὅτι ἡ Τουρκία ἐπιμένει στὴν διζωνικὴ λύση καὶ ὅτι τὸ ζήτημα τῶν ἐδαφῶν θὰ συζητηθεῖ μόνο στὸ τελικὸ στάδιο τῶν διαπραγματεύσεων.

ΕΠΙΚΙΝΔΥΝΗ ΠΟΙΜΕΝΟΣ

ΛΕΥΚΩΣΙΑ, 16, (Ἀσ. Πρές). — Τοῦρκοι στρατιῶτες συνέλαβαν ποιμένα στὴν νεκρὴ ζώνη. Ἡ δύναμη τῶν Ἡνωμένων Ἐθνῶν διαμαρτυρήθηκε καὶ ζήτησε τὴν ἄμεση ἀπελευθέρωσή του.

ΑΛΕΞΑΝΔΡΕΙΑ, 16, (Ρώυτερ). — «Ὁ πρόεδρος τῆς Κύπρου ἀρχιεπίσκοπος Μακάριος, ὁ ὁποῖος εὑρίσκεται εἰς Αἴγυπτον, ἐδήλωσε ὅτι αἱ τουρκικαὶ ἀξιώσεις περὶ διζωνικῆς ὁμοσπονδίας ἐκμηδενίζουν τὰ περιθώρια συνεννοήσεως. Ὁ πρόεδρος ἐτόνισε ὅτι ἡ ἑλληνοκυπριακὴ πλευρὰ δὲν πρόκειται νὰ δεχθῇ λύση ποὺ θὰ νομιμοποιεῖ τὰ τετελεσμένα τῆς εἰσβολῆς.

Ὁ Μακάριος συναντήθηκε μὲ τὸν πρόεδρο Σαντάτ καὶ συζήτησαν τὶς ἐξελίξεις στὸ Κυπριακὸ καὶ στὴν Μέση Ἀνατολή. Ὁ Αἰγύπτιος πρόεδρος ἐπανέλαβε τὴν ὑποστήριξη τῆς χώρας του πρὸς τὸν κυπριακὸ λαό.

Τὸ Κ.Κ. τῆς Ἰταλίας αὔξησε

σημαντικὰ τὴ δύναμή του

κατὰ τὶς τοπικὲς ἐκλογὲς

Ἐπὶ ποσοστοῦ 60% τῶν ψήφων συγκέντρωσε τὸ 34,6% ἐνῶ οἱ χριστιανοδημοκράτες πῆραν μόνο τὸ 35%

ΡΩΜΗ, 16. (Ἀσσ. Πρές). — Τὸ ἰσχυρὸ κομμουνιστικὸ κόμμα τῆς Ἰταλίας ἐσημείωσε σημαντικὰ κέρδη εἰς τὰς τοπικὰς ἐκλογὰς τῆς Κυριακῆς καὶ Δευτέρας. Ἐπὶ ποσοστοῦ 60% τῶν ψήφων τὸ κόμμα συγκέντρωσε 34,6%, ἐνῶ τὸ χριστιανοδημοκρατικὸ κόμμα περιορίσθηκε σὲ 35%.

Τὸ σοσιαλιστικὸ κόμμα ἐσημείωσε ἐπίσης κέρδη, ἐνῶ τὰ μικρότερα κόμματα τοῦ κέντρου ὑπέστησαν ἀπώλειες. Τὰ ἀποτελέσματα θεωροῦνται ὡς σοβαρὸ πλῆγμα γιὰ τὴν κυβέρνηση.

ΠΑΝΗΓΥΡΙΖΟΥΝ

ΡΩΜΗ, 16, (Ρώυτερ). — Οἱ Ἰταλοὶ κομμουνιστὲς πανηγυρίζουν τὴν νίκη τους. Ὁ γενικὸς γραμματέας τοῦ κόμματος δήλωσε ὅτι τὸ ἀποτέλεσμα ἀποτελεῖ ἱστορικὴ καμπὴ γιὰ τὴν πολιτικὴ ζωὴ τῆς χώρας.

Τὰ ἀποτελέσματα ἐπιβεβαιώνουν τὴν ἄνοδο τῆς ἀριστερᾶς σὲ ὅλες σχεδὸν τὶς μεγάλες πόλεις τῆς χώρας, ὅπως τὸ Μιλάνο, τὸ Τορίνο καὶ ἡ Γένοβα.

Τὸ σοσιαλιστικὸ κόμμα ἐσημείωσε ἐπίσης κέρδη, ἐνῶ τὰ μικρότερα κόμματα τοῦ κέντρου ὑπέστησαν ἀπώλειες. Τὰ ἀποτελέσματα θεωροῦνται ὡς σοβαρὸ πλῆγμα γιὰ τὴν κυβέρνηση.

Τὰ ἀποτελέσματα ἐπιβεβαιώνουν τὴν ἄνοδο τῆς ἀριστερᾶς σὲ ὅλες σχεδὸν τὶς μεγάλες πόλεις τῆς χώρας, ὅπως τὸ Μιλάνο, τὸ Τορίνο καὶ ἡ Γένοβα.

ΡΩΜΗ, 16. (Ἀσσ. Πρές). — Τὸ ἰσχυρὸ κομμουνιστικὸ κόμμα τῆς Ἰταλίας ἐσημείωσε σημαντικὰ κέρδη εἰς τὰς τοπικὰς ἐκλογὰς τῆς Κυριακῆς καὶ Δευτέρας. Ἐπὶ ποσοστοῦ 60% τῶν ψήφων τὸ κόμμα συγκέντρωσε 34,6%, ἐνῶ τὸ χριστιανοδημοκρατικὸ κόμμα περιορίσθηκε σὲ 35%.

ΡΩΜΗ, 16, (Ρώυτερ). — Οἱ Ἰταλοὶ κομμουνιστὲς πανηγυρίζουν τὴν νίκη τους. Ὁ γενικὸς γραμματέας τοῦ κόμματος δήλωσε ὅτι τὸ ἀποτέλεσμα ἀποτελεῖ ἱστορικὴ καμπὴ γιὰ τὴν πολιτικὴ ζωὴ τῆς χώρας.

ΑΙ ΚΕΡΔΙΣΑΣΑΙ ΟΜΟΛΟΓΙΑΙ ΚΑΤΑ ΤΗΝ ΚΛΗΡΩΣΗ ΛΑΧΕΙΟΦΟΡΟΥ ΔΑΝΕΙΟΥ ΟΙΚΟΝΟΜΙΚΗΣ ΑΝΑΠΤΥΞΕΩΣ

ΑΘΗΝΑΙ, 16.— Κατὰ τὴν γενομένην σήμερον κλήρωσιν τοῦ λαχειοφόρου δανείου οἰκονομικῆς ἀναπτύξεως 1962 ἐκέρδισαν αἱ κάτωθι ὁμολογίαι:

352668 442076 449318 499006

471000 523280 529512 554476

030025 057928 222026 286555

171159 193004 251863 251454

431446 688285 828978

823598 002718 000318 132336

276005 319578 325881 338233

418200 732150 760163 784103

969507 998006 907610 903549

ΑΡΧΙΖΟΥΝ ΟΙ ΣΥΝΟΜΙΛΙΕΣ ΓΙΑ ΤΟΝ ΕΝΑΕΡΙΟ ΧΩΡΟ ΤΟΥ ΑΙΓΑΙΟΥ

ΕΛΛΗΝΙΚΗ ΑΠΟΣΤΟΛΗ ΠΗΓΕ ΣΤΗΝ ΑΓΚΥΡΑ

ΑΘΗΝΑΙ, 16.— Ἀναχώρησε χθὲς γιὰ τὴν Ἄγκυρα ἡ ἑλληνικὴ ἀποστολὴ ποὺ θὰ διεξαγάγει τὶς συνομιλίες γιὰ τὸν ἐναέριο χῶρο τοῦ Αἰγαίου. Τὴν ἀποστολὴ ἀποτελοῦν διπλωμάτες καὶ τεχνικοὶ σύμβουλοι τῆς πολιτικῆς ἀεροπορίας.

ΑΘΗΝΑΙ, 16.— Ἀναχώρησε χθὲς γιὰ τὴν Ἄγκυρα ἡ ἑλληνικὴ ἀποστολὴ ποὺ θὰ διεξαγάγει τὶς συνομιλίες γιὰ τὸν ἐναέριο χῶρο τοῦ Αἰγαίου. Τὴν ἀποστολὴ ἀποτελοῦν διπλωμάτες καὶ τεχνικοὶ σύμβουλοι τῆς πολιτικῆς ἀεροπορίας.

ΑΘΗΝΑΙ, 16.— Ἀναχώρησε χθὲς γιὰ τὴν Ἄγκυρα ἡ ἑλληνικὴ ἀποστολὴ ποὺ θὰ διεξαγάγει τὶς συνομιλίες γιὰ τὸν ἐναέριο χῶρο τοῦ Αἰγαίου. Τὴν ἀποστολὴ ἀποτελοῦν διπλωμάτες καὶ τεχνικοὶ σύμβουλοι τῆς πολιτικῆς ἀεροπορίας.

ΠΡΟΞΕΝΙΚΑ ΓΡΑΦΕΙΑ ΔΙΣ ΤΡΕΙΣ ΕΛΛΗΝΙΚΑΣ ΠΡΕΣΒΕΙΑΣ

Ἀποφασίσθη νὰ ἱδρυθοῦν προξενικὰ γραφεῖα εἰς τὰς ἑλληνικὰς πρεσβείας Βαγδάτης, Κουβέιτ καὶ Σαουδικῆς Ἀραβίας.

1.700.000 ΔΡΑΧΜΑΣ ΔΙΕΘΕΣΕ ΔΗΜΟΣ ΓΙΑ ΔΕΞΙΩΣΕΙΣ

ΒΟΛΟΣ, 16.— Ποσὸν 1.700.000 δραχμῶν διέθεσε ὁ δῆμος Βόλου γιὰ δεξιώσεις κατὰ τὴν περίοδο τῆς δικτατορίας.

ΝΕΦΕΛΩΔΗΣ ΜΕΤΑ ΒΡΟΧΩΝ Ο ΚΑΙΡΟΣ

Κατὰ γενικὴν πρόγνωσιν ὁ καιρὸς θὰ εἶναι νεφελώδης μετὰ βροχῶν εἰς τὰ δυτικὰ καὶ βόρεια. Ἡ θερμοκρασία θὰ κυμανθεῖ μεταξὺ 12 καὶ 24 βαθμῶν Κελσίου.

Κατὰ γενικὴν πρόγνωσιν ὁ καιρὸς θὰ εἶναι νεφελώδης μετὰ βροχῶν εἰς τὰ δυτικὰ καὶ βόρεια. Ἡ θερμοκρασία θὰ κυμανθεῖ μεταξὺ 12 καὶ 24 βαθμῶν Κελσίου.

ΚΗΔΕΙΑΙ

Τὸν ἀγαπητόν μας σύζυγον, πατέρα καὶ πάππον ΚΩΝΣΤΑΝΤΙΝΟΝ ΘΩΜΑΪΔΗΝ κηδεύομεν σήμερον. Οἱ τεθλιμμένοι οἰκεῖοι.

Τὸν ἀγαπητόν μας σύζυγον, πατέρα καὶ πάππον ΚΩΝΣΤΑΝΤΙΝΟΝ ΘΩΜΑΪΔΗΝ κηδεύομεν σήμερον. Οἱ τεθλιμμένοι οἰκεῖοι.

ΟΙ ΚΕΡΔΙΣΑΝΤΕΣ ΑΡΙΘΜΟΙ ΤΟΥ ΛΑΪΚΟΥ ΛΑΧΕΙΟΥ

ΑΘΗΝΑΙ, 16.— Ἐκ τῆς διενεργηθείσης σήμερον κληρώσεως τοῦ λαϊκοῦ λαχείου ἐκέρδισαν οἱ κάτωθι ἀριθμοί:

64880 65134 69054 74139 76237

74640 81283 84218 86462 88439

32656 26071 25440 29468 25409

32125 35762 36186 39012 40451

41108 46710 52283 55616 60182

79524 87003 89317 91544 95601

14890 212 672 1303 2845

41811 6603 7623 19449 17921

4193 8913 12083 31416 32788

38267 40405 42798 46738 51383

48350 61020 65193 70112 73560

78880 80031 83246 86012 91104

93022 14023 17060 21115 25447

27939 41011 13210 23101 51283
